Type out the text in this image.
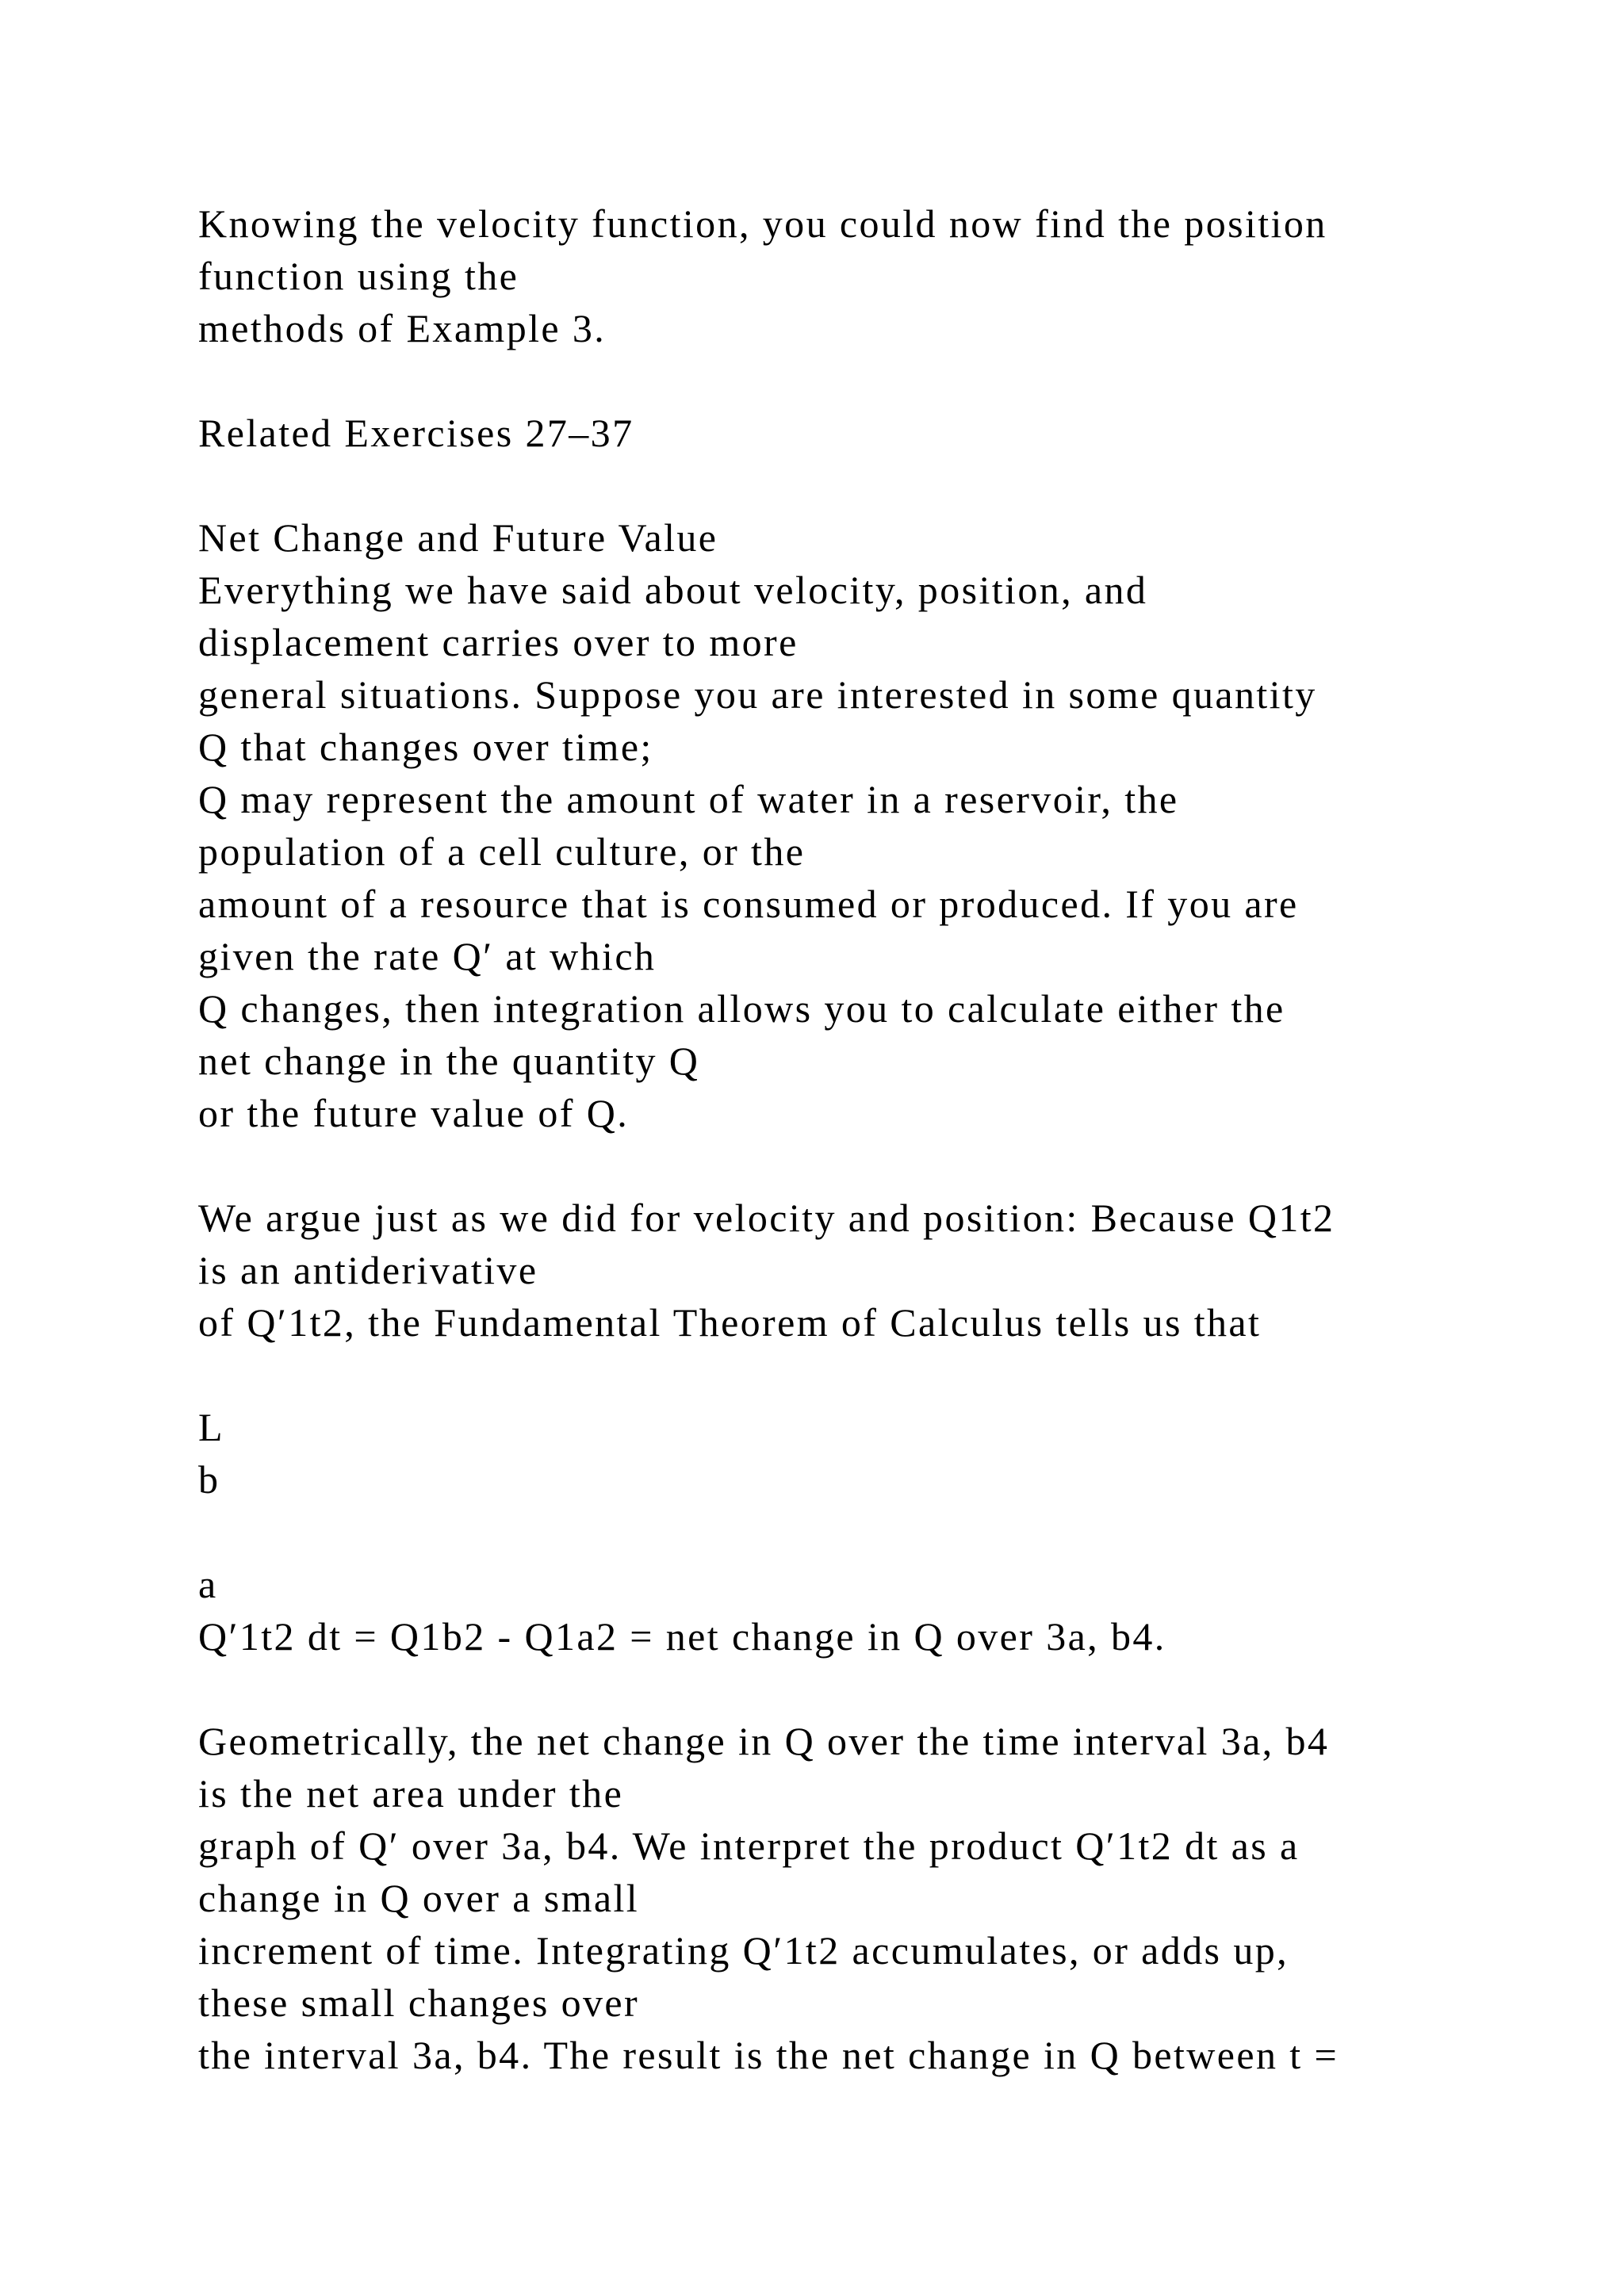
Knowing the velocity function, you could now find the position
function using the
methods of Example 3.
Related Exercises 27–37
Net Change and Future Value
Everything we have said about velocity, position, and
displacement carries over to more
general situations. Suppose you are interested in some quantity
Q that changes over time;
Q may represent the amount of water in a reservoir, the
population of a cell culture, or the
amount of a resource that is consumed or produced. If you are
given the rate Q′ at which
Q changes, then integration allows you to calculate either the
net change in the quantity Q
or the future value of Q.
We argue just as we did for velocity and position: Because Q1t2
is an antiderivative
of Q′1t2, the Fundamental Theorem of Calculus tells us that
L
b
a
Q′1t2 dt = Q1b2 - Q1a2 = net change in Q over 3a, b4.
Geometrically, the net change in Q over the time interval 3a, b4
is the net area under the
graph of Q′ over 3a, b4. We interpret the product Q′1t2 dt as a
change in Q over a small
increment of time. Integrating Q′1t2 accumulates, or adds up,
these small changes over
the interval 3a, b4. The result is the net change in Q between t =
